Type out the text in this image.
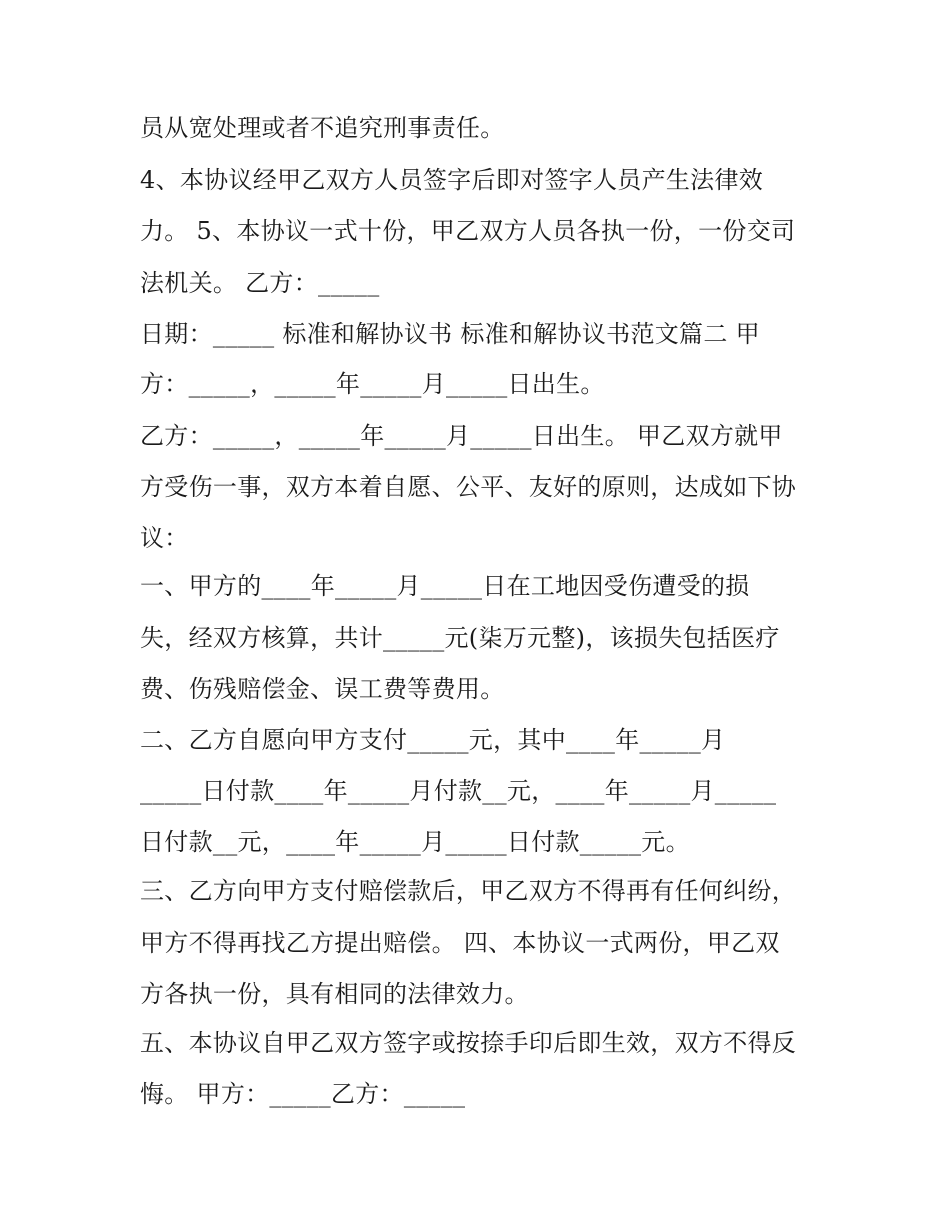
员从宽处理或者不追究刑事责任。
4、本协议经甲乙双方人员签字后即对签字人员产生法律效
力。 5、本协议一式十份，甲乙双方人员各执一份，一份交司
法机关。 乙方：_____
日期：_____ 标准和解协议书 标准和解协议书范文篇二 甲
方：_____，_____年_____月_____日出生。
乙方：_____，_____年_____月_____日出生。 甲乙双方就甲
方受伤一事，双方本着自愿、公平、友好的原则，达成如下协
议：
一、甲方的____年_____月_____日在工地因受伤遭受的损
失，经双方核算，共计_____元(柒万元整)，该损失包括医疗
费、伤残赔偿金、误工费等费用。
二、乙方自愿向甲方支付_____元，其中____年_____月
_____日付款____年_____月付款__元，____年_____月_____
日付款__元，____年_____月_____日付款_____元。
三、乙方向甲方支付赔偿款后，甲乙双方不得再有任何纠纷，
甲方不得再找乙方提出赔偿。 四、本协议一式两份，甲乙双
方各执一份，具有相同的法律效力。
五、本协议自甲乙双方签字或按捺手印后即生效，双方不得反
悔。 甲方：_____乙方：_____
